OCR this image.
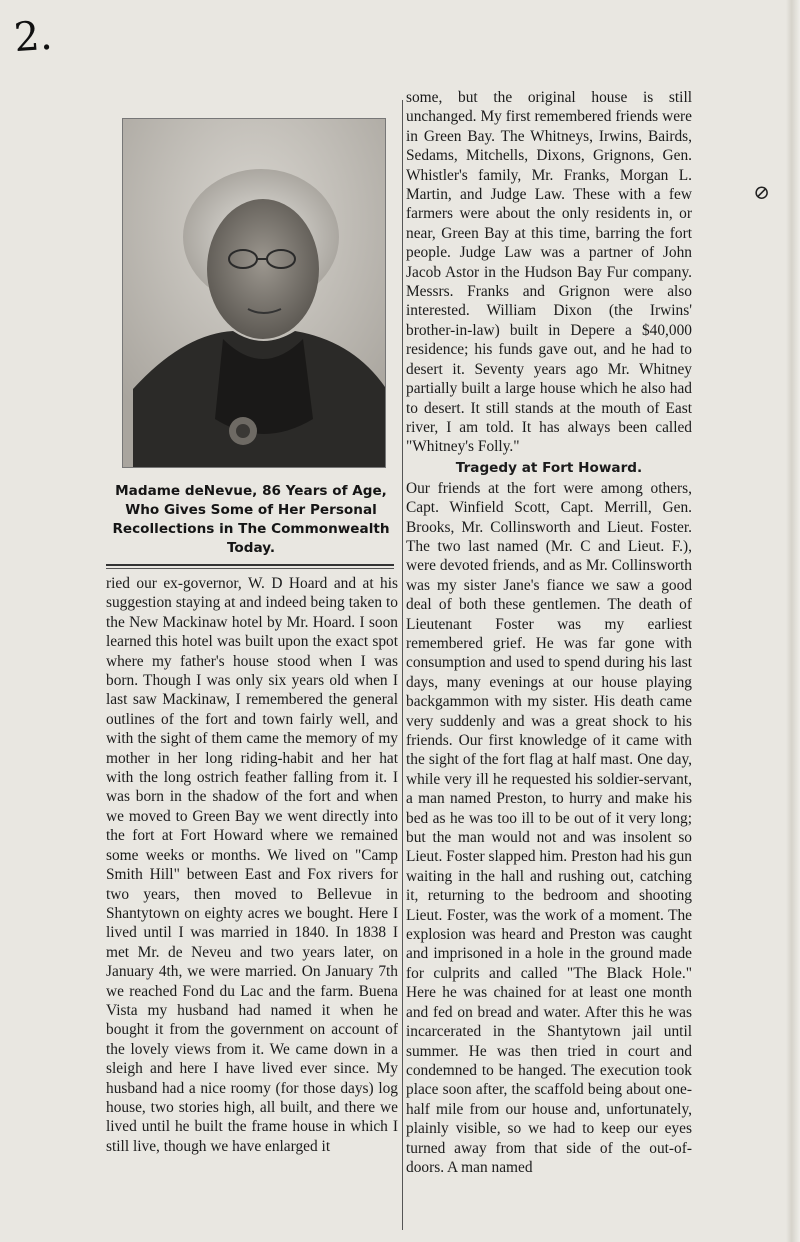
2.
⊘
Madame deNevue, 86 Years of Age, Who Gives Some of Her Personal Recollections in The Commonwealth Today.

ried our ex-governor, W. D Hoard and at his suggestion staying at and indeed being taken to the New Mackinaw hotel by Mr. Hoard. I soon learned this hotel was built upon the exact spot where my father's house stood when I was born. Though I was only six years old when I last saw Mackinaw, I remembered the general outlines of the fort and town fairly well, and with the sight of them came the memory of my mother in her long riding-habit and her hat with the long ostrich feather falling from it. I was born in the shadow of the fort and when we moved to Green Bay we went directly into the fort at Fort Howard where we remained some weeks or months. We lived on "Camp Smith Hill" between East and Fox rivers for two years, then moved to Bellevue in Shantytown on eighty acres we bought. Here I lived until I was married in 1840. In 1838 I met Mr. de Neveu and two years later, on January 4th, we were married. On January 7th we reached Fond du Lac and the farm. Buena Vista my husband had named it when he bought it from the government on account of the lovely views from it. We came down in a sleigh and here I have lived ever since. My husband had a nice roomy (for those days) log house, two stories high, all built, and there we lived until he built the frame house in which I still live, though we have enlarged it

some, but the original house is still unchanged. My first remembered friends were in Green Bay. The Whitneys, Irwins, Bairds, Sedams, Mitchells, Dixons, Grignons, Gen. Whistler's family, Mr. Franks, Morgan L. Martin, and Judge Law. These with a few farmers were about the only residents in, or near, Green Bay at this time, barring the fort people. Judge Law was a partner of John Jacob Astor in the Hudson Bay Fur company. Messrs. Franks and Grignon were also interested. William Dixon (the Irwins' brother-in-law) built in Depere a $40,000 residence; his funds gave out, and he had to desert it. Seventy years ago Mr. Whitney partially built a large house which he also had to desert. It still stands at the mouth of East river, I am told. It has always been called "Whitney's Folly."

Tragedy at Fort Howard.

Our friends at the fort were among others, Capt. Winfield Scott, Capt. Merrill, Gen. Brooks, Mr. Collinsworth and Lieut. Foster. The two last named (Mr. C and Lieut. F.), were devoted friends, and as Mr. Collinsworth was my sister Jane's fiance we saw a good deal of both these gentlemen. The death of Lieutenant Foster was my earliest remembered grief. He was far gone with consumption and used to spend during his last days, many evenings at our house playing backgammon with my sister. His death came very suddenly and was a great shock to his friends. Our first knowledge of it came with the sight of the fort flag at half mast. One day, while very ill he requested his soldier-servant, a man named Preston, to hurry and make his bed as he was too ill to be out of it very long; but the man would not and was insolent so Lieut. Foster slapped him. Preston had his gun waiting in the hall and rushing out, catching it, returning to the bedroom and shooting Lieut. Foster, was the work of a moment. The explosion was heard and Preston was caught and imprisoned in a hole in the ground made for culprits and called "The Black Hole." Here he was chained for at least one month and fed on bread and water. After this he was incarcerated in the Shantytown jail until summer. He was then tried in court and condemned to be hanged. The execution took place soon after, the scaffold being about one-half mile from our house and, unfortunately, plainly visible, so we had to keep our eyes turned away from that side of the out-of-doors. A man named
